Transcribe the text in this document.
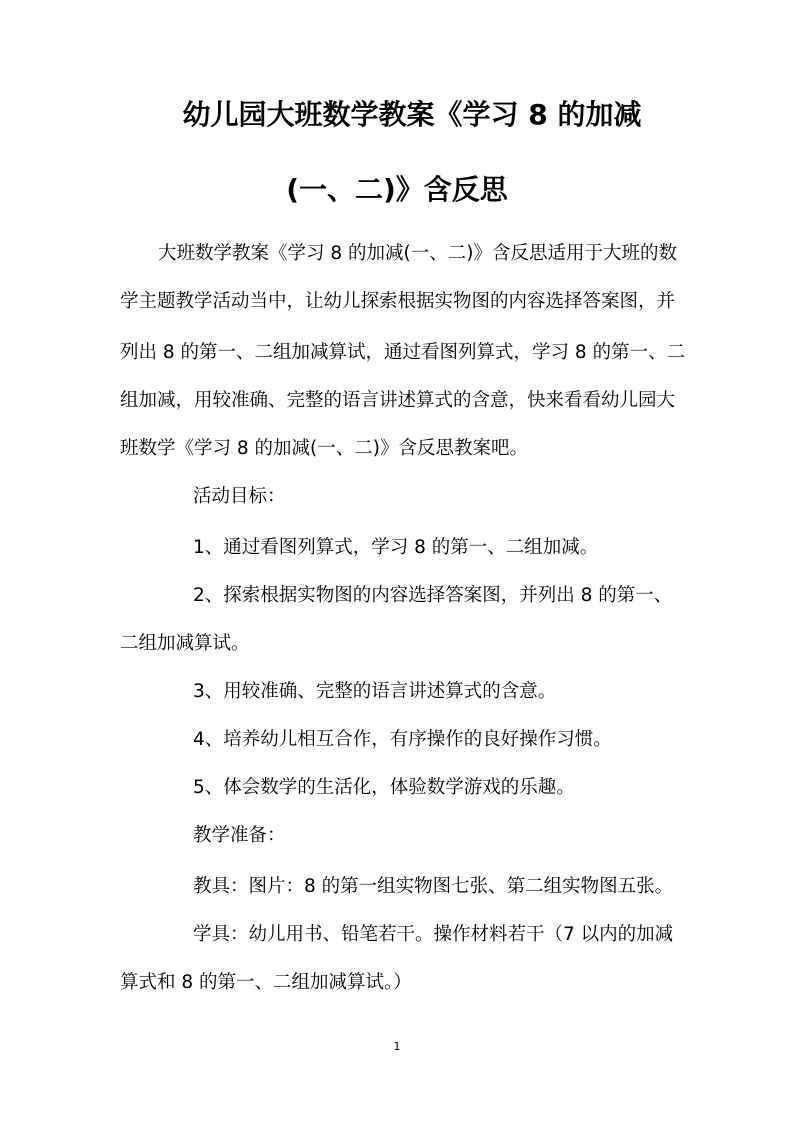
幼儿园大班数学教案《学习 8 的加减
(一、二)》含反思
大班数学教案《学习 8 的加减(一、二)》含反思适用于大班的数
学主题教学活动当中，让幼儿探索根据实物图的内容选择答案图，并
列出 8 的第一、二组加减算试，通过看图列算式，学习 8 的第一、二
组加减，用较准确、完整的语言讲述算式的含意，快来看看幼儿园大
班数学《学习 8 的加减(一、二)》含反思教案吧。
活动目标：
1、通过看图列算式，学习 8 的第一、二组加减。
2、探索根据实物图的内容选择答案图，并列出 8 的第一、
二组加减算试。
3、用较准确、完整的语言讲述算式的含意。
4、培养幼儿相互合作，有序操作的良好操作习惯。
5、体会数学的生活化，体验数学游戏的乐趣。
教学准备：
教具：图片：8 的第一组实物图七张、第二组实物图五张。
学具：幼儿用书、铅笔若干。操作材料若干（7 以内的加减
算式和 8 的第一、二组加减算试。）
1
